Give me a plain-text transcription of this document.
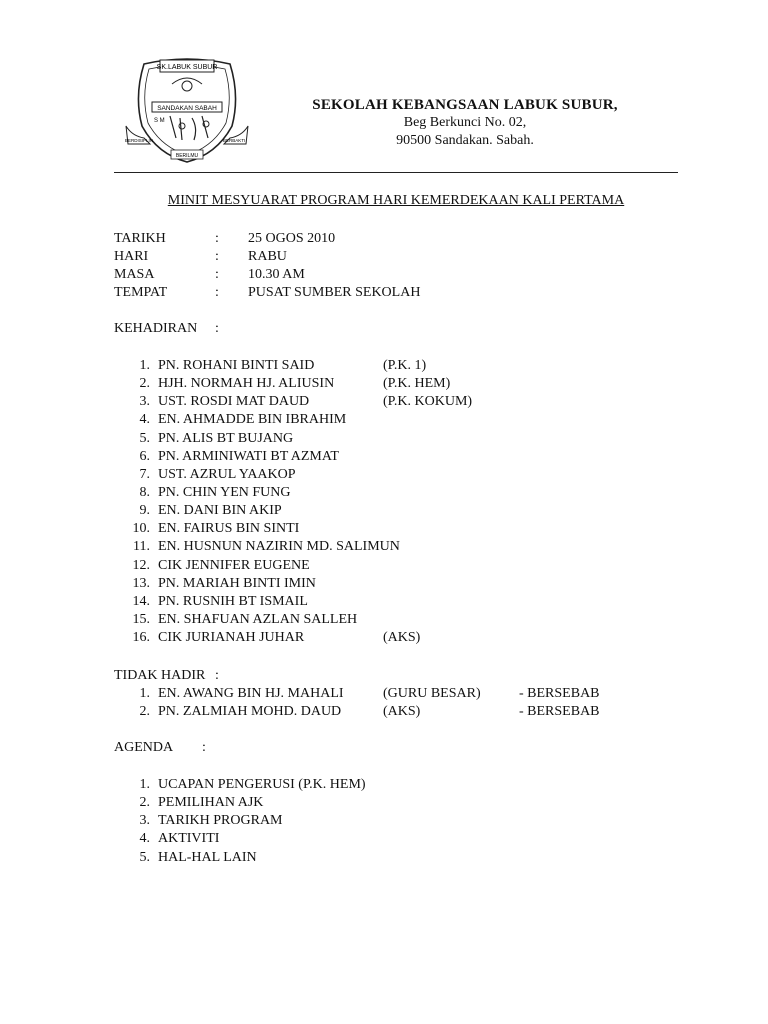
SK.LABUK SUBUR
SANDAKAN SABAH
S M
BERDISIPLIN	BERBAKTI
BERILMU
SEKOLAH KEBANGSAAN LABUK SUBUR,
Beg Berkunci No. 02,
90500 Sandakan. Sabah.
MINIT MESYUARAT PROGRAM HARI KEMERDEKAAN KALI PERTAMA
TARIKH	: 25 OGOS 2010
HARI	: RABU
MASA	: 10.30 AM
TEMPAT	: PUSAT SUMBER SEKOLAH
KEHADIRAN :
1. PN. ROHANI BINTI SAID	(P.K. 1)
2. HJH. NORMAH HJ. ALIUSIN	(P.K. HEM)
3. UST. ROSDI MAT DAUD	(P.K. KOKUM)
4. EN. AHMADDE BIN IBRAHIM
5. PN. ALIS BT BUJANG
6. PN. ARMINIWATI BT AZMAT
7. UST. AZRUL YAAKOP
8. PN. CHIN YEN FUNG
9. EN. DANI BIN AKIP
10. EN. FAIRUS BIN SINTI
11. EN. HUSNUN NAZIRIN MD. SALIMUN
12. CIK JENNIFER EUGENE
13. PN. MARIAH BINTI IMIN
14. PN. RUSNIH BT ISMAIL
15. EN. SHAFUAN AZLAN SALLEH
16. CIK JURIANAH JUHAR	(AKS)
TIDAK HADIR :
1. EN. AWANG BIN HJ. MAHALI	(GURU BESAR)	- BERSEBAB
2. PN. ZALMIAH MOHD. DAUD	(AKS)	- BERSEBAB
AGENDA :
1. UCAPAN PENGERUSI (P.K. HEM)
2. PEMILIHAN AJK
3. TARIKH PROGRAM
4. AKTIVITI
5. HAL-HAL LAIN
